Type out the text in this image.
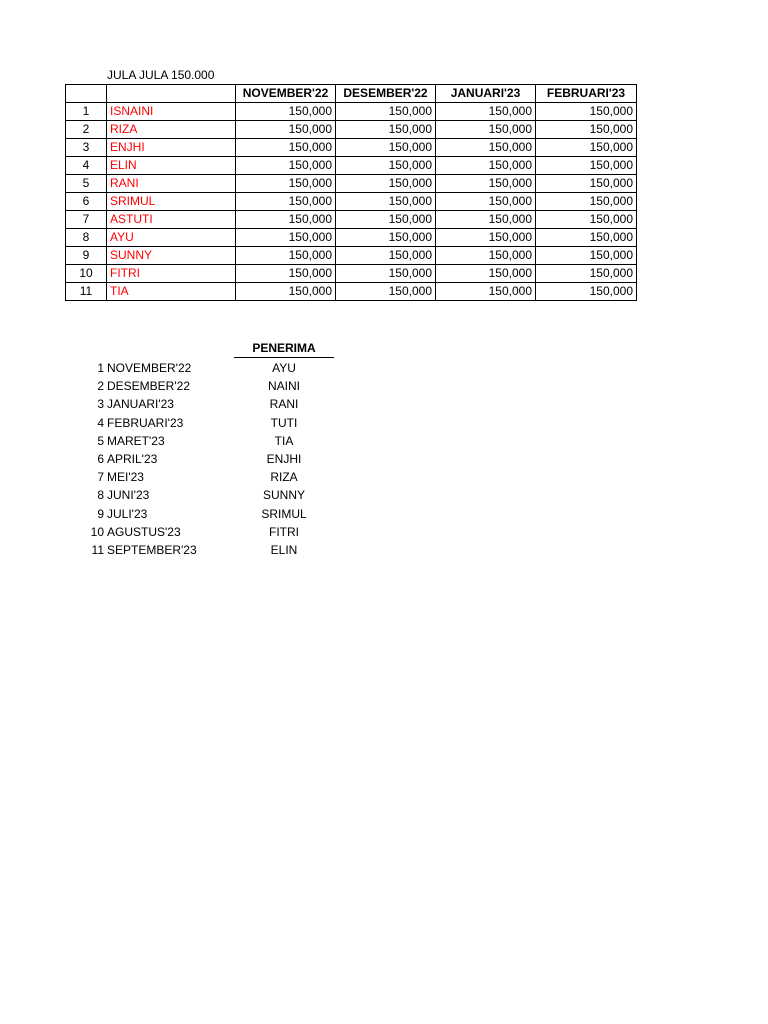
JULA JULA 150.000
		NOVEMBER'22	DESEMBER'22	JANUARI'23	FEBRUARI'23
1	ISNAINI	150,000	150,000	150,000	150,000
2	RIZA	150,000	150,000	150,000	150,000
3	ENJHI	150,000	150,000	150,000	150,000
4	ELIN	150,000	150,000	150,000	150,000
5	RANI	150,000	150,000	150,000	150,000
6	SRIMUL	150,000	150,000	150,000	150,000
7	ASTUTI	150,000	150,000	150,000	150,000
8	AYU	150,000	150,000	150,000	150,000
9	SUNNY	150,000	150,000	150,000	150,000
10	FITRI	150,000	150,000	150,000	150,000
11	TIA	150,000	150,000	150,000	150,000
PENERIMA
1 NOVEMBER'22	AYU
2 DESEMBER'22	NAINI
3 JANUARI'23	RANI
4 FEBRUARI'23	TUTI
5 MARET'23	TIA
6 APRIL'23	ENJHI
7 MEI'23	RIZA
8 JUNI'23	SUNNY
9 JULI'23	SRIMUL
10 AGUSTUS'23	FITRI
11 SEPTEMBER'23	ELIN
